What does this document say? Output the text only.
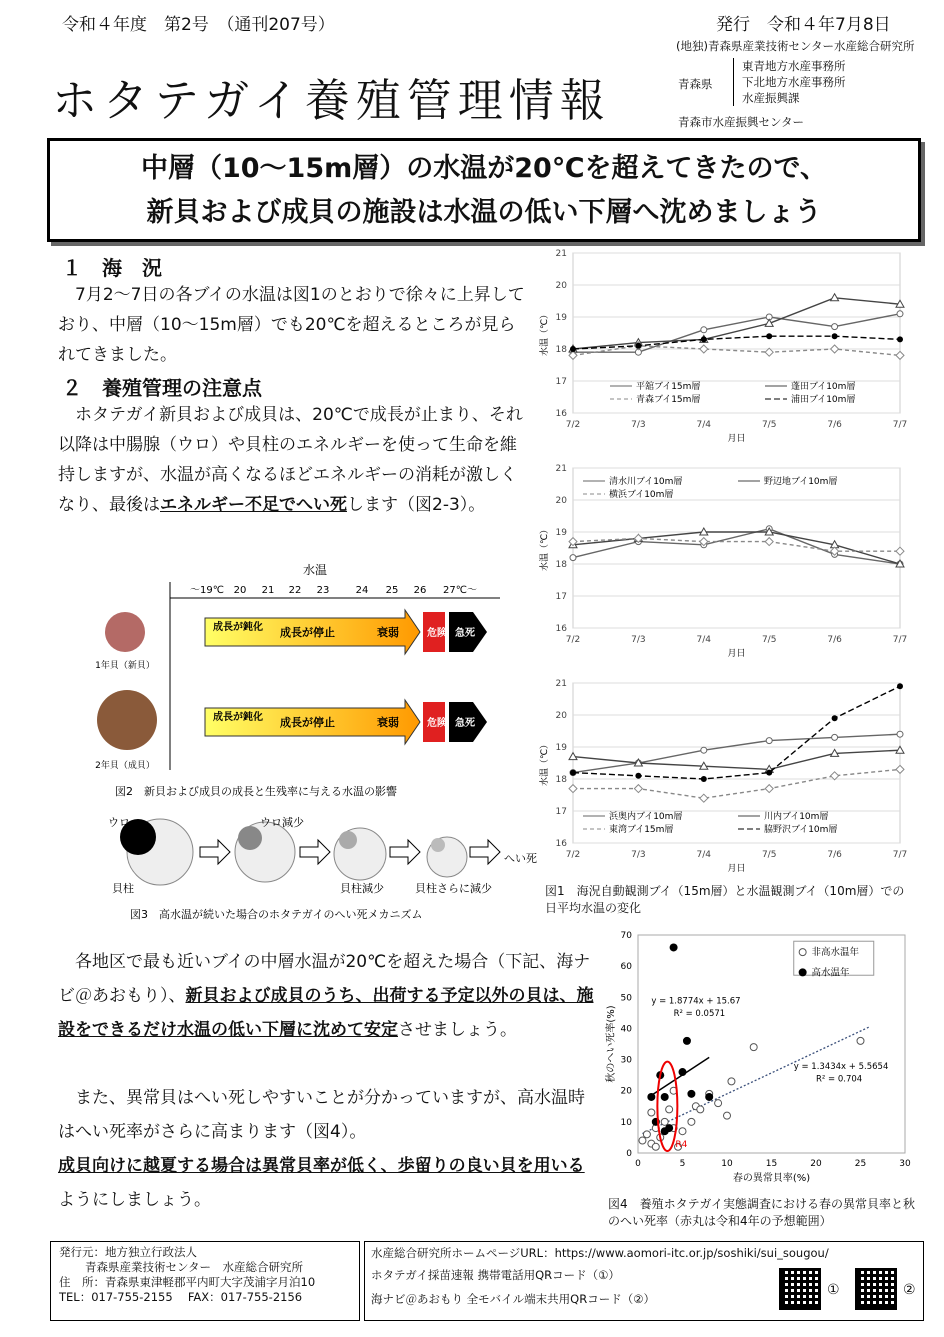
令和４年度　第2号　（通刊207号）	発行　令和４年7月8日
(地独)青森県産業技術センター水産総合研究所
ホタテガイ養殖管理情報	青森県
東青地方水産事務所
下北地方水産事務所
水産振興課
青森市水産振興センター
中層（10～15m層）の水温が20℃を超えてきたので、
新貝および成貝の施設は水温の低い下層へ沈めましょう
１　海　況
7月2～7日の各ブイの水温は図1のとおりで徐々に上昇しており、中層（10～15m層）でも20℃を超えるところが見られてきました。
２　養殖管理の注意点
ホタテガイ新貝および成貝は、20℃で成長が止まり、それ以降は中腸腺（ウロ）や貝柱のエネルギーを使って生命を維持しますが、水温が高くなるほどエネルギーの消耗が激しくなり、最後はエネルギー不足でへい死します（図2-3）。
水温
～19℃ 20 21 22 23	24 25 26 27℃～
1年貝（新貝）
成長が鈍化 成長が停止	衰弱	危険 急死
2年貝（成貝）
成長が鈍化 成長が停止	衰弱	危険 急死
図2　新貝および成貝の成長と生残率に与える水温の影響
ウロ
貝柱
ウロ減少
貝柱減少	貝柱さらに減少
へい死
図3　高水温が続いた場合のホタテガイのへい死メカニズム
16
17
18
19
20
21
7/2	7/3	7/4	7/5	7/6	7/7
月日
水温（℃）
平舘ブイ15m層	蓬田ブイ10m層
青森ブイ15m層	浦田ブイ10m層
16
17
18
19
20
21
7/2	7/3	7/4	7/5	7/6	7/7
月日
水温（℃）
清水川ブイ10m層	野辺地ブイ10m層
横浜ブイ10m層
16
17
18
19
20
21
7/2	7/3	7/4	7/5	7/6	7/7
月日
水温（℃）
浜奥内ブイ10m層	川内ブイ10m層
東湾ブイ15m層	脇野沢ブイ10m層
図1　海況自動観測ブイ（15m層）と水温観測ブイ（10m層）での日平均水温の変化
各地区で最も近いブイの中層水温が20℃を超えた場合（下記、海ナビ＠あおもり）、新貝および成貝のうち、出荷する予定以外の貝は、施設をできるだけ水温の低い下層に沈めて安定させましょう。
また、異常貝はへい死しやすいことが分かっていますが、高水温時はへい死率がさらに高まります（図4）。
成貝向けに越夏する場合は異常貝率が低く、歩留りの良い貝を用いるようにしましょう。
0
10
20
30
40
50
60
70
0	5	10	15	20	25	30
春の異常貝率(%)
秋のへい死率(%)
R4
y = 1.8774x + 15.67
R² = 0.0571
y = 1.3434x + 5.5654
R² = 0.704
非高水温年
高水温年
図4　養殖ホタテガイ実態調査における春の異常貝率と秋のへい死率（赤丸は令和4年の予想範囲）
発行元：地方独立行政法人
青森県産業技術センター　水産総合研究所
住　所：青森県東津軽郡平内町大字茂浦字月泊10
TEL：017-755-2155　 FAX：017-755-2156
水産総合研究所ホームページURL：https://www.aomori-itc.or.jp/soshiki/sui_sougou/
ホタテガイ採苗速報 携帯電話用QRコード（①）
海ナビ＠あおもり 全モバイル端末共用QRコード（②）
①	②
